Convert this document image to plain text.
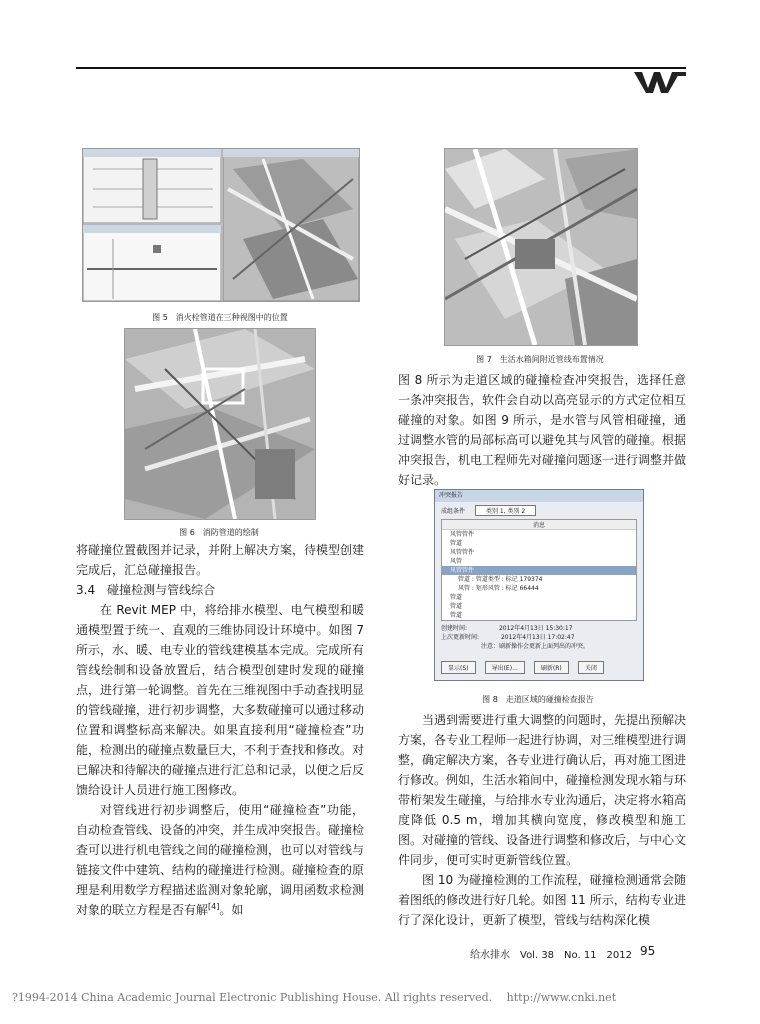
图 5　消火栓管道在三种视图中的位置
图 6　消防管道的绘制
图 7　生活水箱间附近管线布置情况

图 8 所示为走道区域的碰撞检查冲突报告，选择任意一条冲突报告，软件会自动以高亮显示的方式定位相互碰撞的对象。如图 9 所示，是水管与风管相碰撞，通过调整水管的局部标高可以避免其与风管的碰撞。根据冲突报告，机电工程师先对碰撞问题逐一进行调整并做好记录。

冲突报告
成组条件	类别 1, 类别 2
消息
风管管件
管道
风管管件
风管
风管管件
管道 : 管道类型 : 标记 179374
风管 : 矩形风管 : 标记 66444
管道
管道
管道
创建时间:	2012年4月13日 15:30:17
上次更新时间:	2012年4月13日 17:02:47
注意：刷新操作会更新上面列出的冲突。
显示(S)	导出(E)...	刷新(R)	关闭
图 8　走道区域的碰撞检查报告

当遇到需要进行重大调整的问题时，先提出预解决方案，各专业工程师一起进行协调，对三维模型进行调整，确定解决方案，各专业进行确认后，再对施工图进行修改。例如，生活水箱间中，碰撞检测发现水箱与环带桁架发生碰撞，与给排水专业沟通后，决定将水箱高度降低 0.5 m，增加其横向宽度，修改模型和施工图。对碰撞的管线、设备进行调整和修改后，与中心文件同步，便可实时更新管线位置。

图 10 为碰撞检测的工作流程，碰撞检测通常会随着图纸的修改进行好几轮。如图 11 所示，结构专业进行了深化设计，更新了模型，管线与结构深化模

将碰撞位置截图并记录，并附上解决方案，待模型创建完成后，汇总碰撞报告。

3.4　碰撞检测与管线综合

在 Revit MEP 中，将给排水模型、电气模型和暖通模型置于统一、直观的三维协同设计环境中。如图 7 所示，水、暖、电专业的管线建模基本完成。完成所有管线绘制和设备放置后，结合模型创建时发现的碰撞点，进行第一轮调整。首先在三维视图中手动查找明显的管线碰撞，进行初步调整，大多数碰撞可以通过移动位置和调整标高来解决。如果直接利用“碰撞检查”功能，检测出的碰撞点数量巨大，不利于查找和修改。对已解决和待解决的碰撞点进行汇总和记录，以便之后反馈给设计人员进行施工图修改。

对管线进行初步调整后，使用“碰撞检查”功能，自动检查管线、设备的冲突，并生成冲突报告。碰撞检查可以进行机电管线之间的碰撞检测，也可以对管线与链接文件中建筑、结构的碰撞进行检测。碰撞检查的原理是利用数学方程描述监测对象轮廓，调用函数求检测对象的联立方程是否有解[4]。如

给水排水　Vol. 38　No. 11　2012 95
?1994-2014 China Academic Journal Electronic Publishing House. All rights reserved.　 http://www.cnki.net
